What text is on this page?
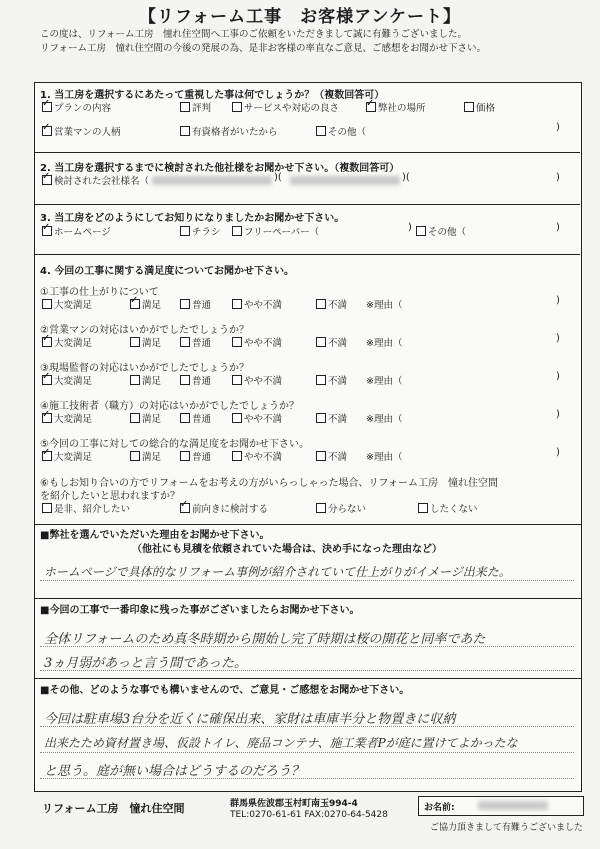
【リフォーム工事　お客様アンケート】
この度は、リフォーム工房　憧れ住空間へ工事のご依頼をいただきまして誠に有難うございました。
リフォーム工房　憧れ住空間の今後の発展の為、是非お客様の率直なご意見、ご感想をお聞かせ下さい。
1. 当工房を選択するにあたって重視した事は何でしょうか？（複数回答可）
✓
プランの内容	評判	サービスや対応の良さ ✓	弊社の場所	価格
✓
営業マンの人柄	有資格者がいたから	その他（	)
2. 当工房を選択するまでに検討された他社様をお聞かせ下さい。（複数回答可）
✓
検討された会社様名（	)(	)(	)
3. 当工房をどのようにしてお知りになりましたかお聞かせ下さい。
✓
ホームページ	チラシ フリーペーパー（	) その他（	)
4. 今回の工事に関する満足度についてお聞かせ下さい。
①工事の仕上がりについて
大変満足 ✓	満足	普通	やや不満	不満 ※理由（	)
②営業マンの対応はいかがでしたでしょうか？
✓
大変満足	満足	普通	やや不満	不満 ※理由（	)
③現場監督の対応はいかがでしたでしょうか？
✓
大変満足	満足	普通	やや不満	不満 ※理由（	)
④施工技術者（職方）の対応はいかがでしたでしょうか？
✓
大変満足	満足	普通	やや不満	不満 ※理由（	)
⑤今回の工事に対しての総合的な満足度をお聞かせ下さい。
✓
大変満足	満足	普通	やや不満	不満 ※理由（	)
⑥もしお知り合いの方でリフォームをお考えの方がいらっしゃった場合、リフォーム工房　憧れ住空間
を紹介したいと思われますか？
是非、紹介したい ✓	前向きに検討する	分らない	したくない
■弊社を選んでいただいた理由をお聞かせ下さい。
（他社にも見積を依頼されていた場合は、決め手になった理由など）
ホームページで具体的なリフォーム事例が紹介されていて仕上がりがイメージ出来た。
■今回の工事で一番印象に残った事がございましたらお聞かせ下さい。
全体リフォームのため真冬時期から開始し完了時期は桜の開花と同率であた
3ヵ月弱があっと言う間であった。
■その他、どのような事でも構いませんので、ご意見・ご感想をお聞かせ下さい。
今回は駐車場3台分を近くに確保出来、家財は車庫半分と物置きに収納
出来たため資材置き場、仮設トイレ、廃品コンテナ、施工業者Pが庭に置けてよかったな
と思う。庭が無い場合はどうするのだろう？
リフォーム工房　憧れ住空間	群馬県佐波郡玉村町南玉994-4
TEL:0270-61-61 FAX:0270-64-5428
お名前:
ご協力頂きまして有難うございました
